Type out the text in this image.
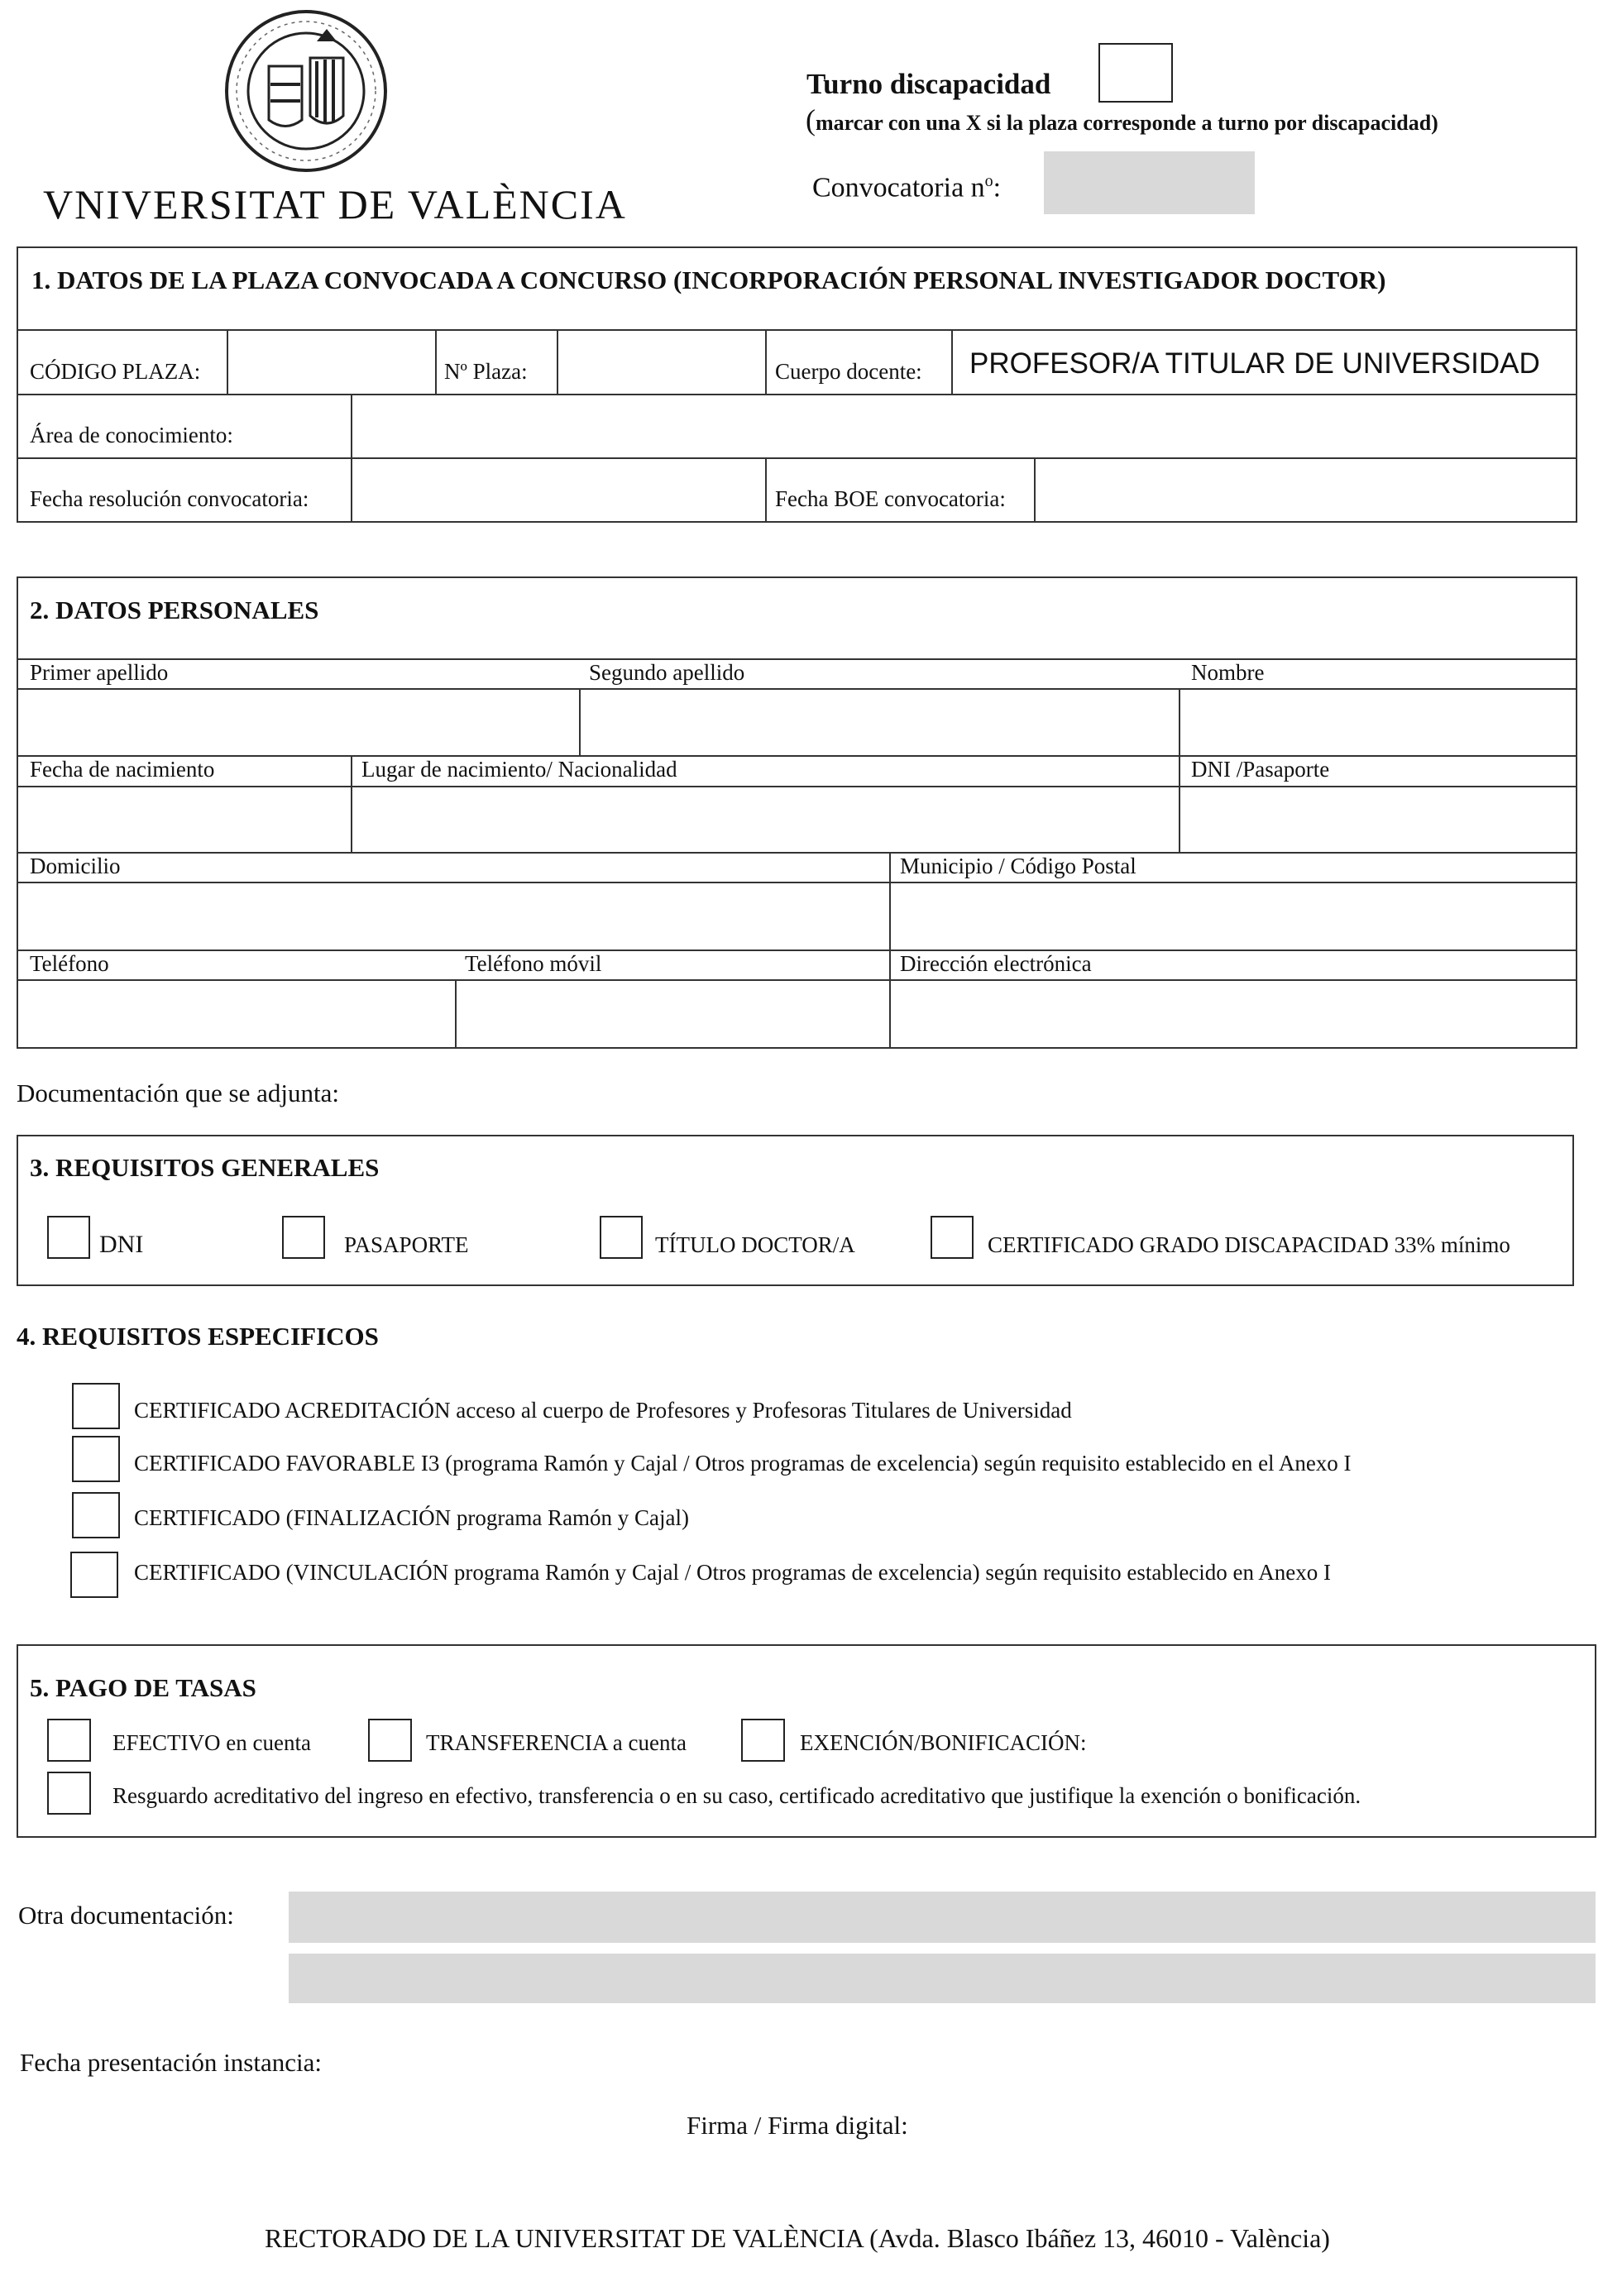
VNIVERSITAT DE VALÈNCIA
Turno discapacidad
(marcar con una X si la plaza corresponde a turno por discapacidad)
Convocatoria $n^o$:
1. DATOS DE LA PLAZA CONVOCADA A CONCURSO (INCORPORACIÓN PERSONAL INVESTIGADOR DOCTOR)
CÓDIGO PLAZA:	Nº Plaza:	Cuerpo docente: PROFESOR/A TITULAR DE UNIVERSIDAD
Área de conocimiento:
Fecha resolución convocatoria:	Fecha BOE convocatoria:
2. DATOS PERSONALES
Primer apellido	Segundo apellido	Nombre
Fecha de nacimiento	Lugar de nacimiento/ Nacionalidad	DNI /Pasaporte
Domicilio	Municipio / Código Postal
Teléfono	Teléfono móvil	Dirección electrónica
Documentación que se adjunta:
3. REQUISITOS GENERALES
DNI	PASAPORTE	TÍTULO DOCTOR/A	CERTIFICADO GRADO DISCAPACIDAD 33% mínimo
4. REQUISITOS ESPECIFICOS
CERTIFICADO ACREDITACIÓN acceso al cuerpo de Profesores y Profesoras Titulares de Universidad
CERTIFICADO FAVORABLE I3 (programa Ramón y Cajal / Otros programas de excelencia) según requisito establecido en el Anexo I
CERTIFICADO (FINALIZACIÓN programa Ramón y Cajal)
CERTIFICADO (VINCULACIÓN programa Ramón y Cajal / Otros programas de excelencia) según requisito establecido en Anexo I
5. PAGO DE TASAS
EFECTIVO en cuenta	TRANSFERENCIA a cuenta	EXENCIÓN/BONIFICACIÓN:
Resguardo acreditativo del ingreso en efectivo, transferencia o en su caso, certificado acreditativo que justifique la exención o bonificación.
Otra documentación:
Fecha presentación instancia:
Firma / Firma digital:
RECTORADO DE LA UNIVERSITAT DE VALÈNCIA (Avda. Blasco Ibáñez 13, 46010 - València)
